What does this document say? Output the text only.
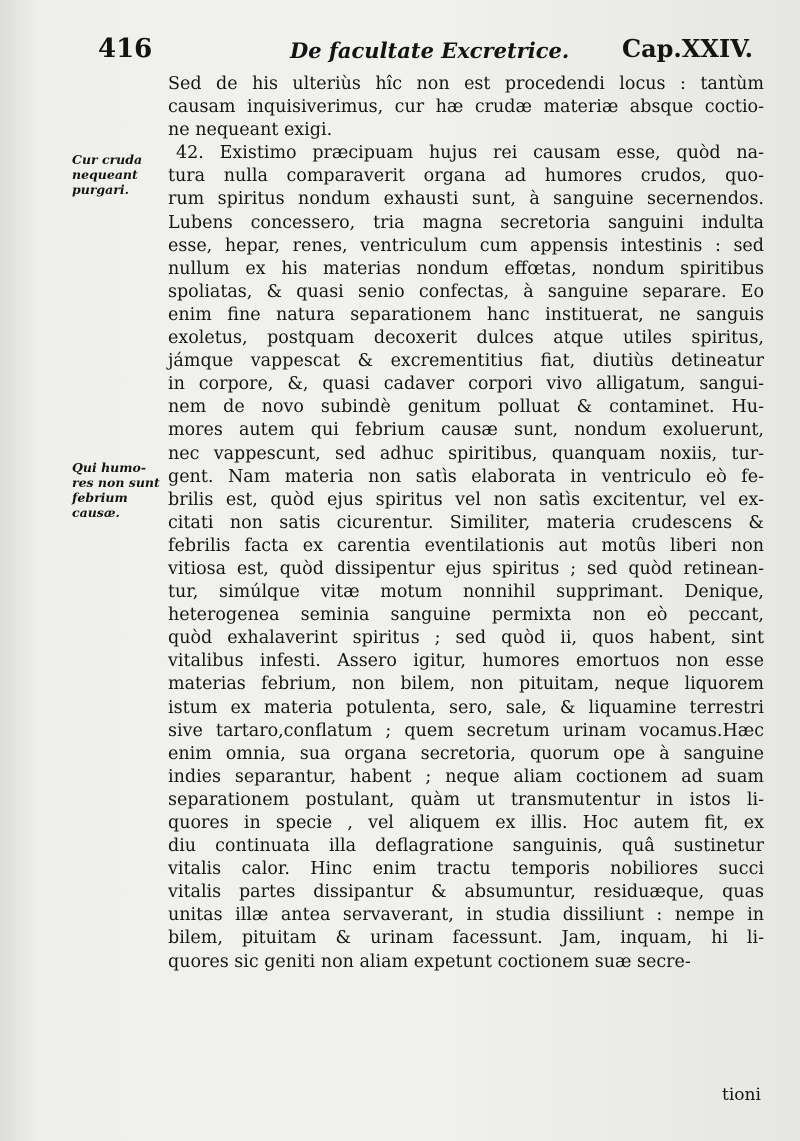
416	De facultate Excretrice. Cap.XXIV.
Cur cruda
nequeant
purgari.
Qui humo-
res non sunt
febrium
causæ.
Sed de his ulteriùs hîc non est procedendi locus : tantùm
causam inquisiverimus, cur hæ crudæ materiæ absque coctio-
ne nequeant exigi.
42. Existimo præcipuam hujus rei causam esse, quòd na-
tura nulla comparaverit organa ad humores crudos, quo-
rum spiritus nondum exhausti sunt, à sanguine secernendos.
Lubens concessero, tria magna secretoria sanguini indulta
esse, hepar, renes, ventriculum cum appensis intestinis : sed
nullum ex his materias nondum effœtas, nondum spiritibus
spoliatas, & quasi senio confectas, à sanguine separare. Eo
enim fine natura separationem hanc instituerat, ne sanguis
exoletus, postquam decoxerit dulces atque utiles spiritus,
jámque vappescat & excrementitius fiat, diutiùs detineatur
in corpore, &, quasi cadaver corpori vivo alligatum, sangui-
nem de novo subindè genitum polluat & contaminet. Hu-
mores autem qui febrium causæ sunt, nondum exoluerunt,
nec vappescunt, sed adhuc spiritibus, quanquam noxiis, tur-
gent. Nam materia non satìs elaborata in ventriculo eò fe-
brilis est, quòd ejus spiritus vel non satìs excitentur, vel ex-
citati non satis cicurentur. Similiter, materia crudescens &
febrilis facta ex carentia eventilationis aut motûs liberi non
vitiosa est, quòd dissipentur ejus spiritus ; sed quòd retinean-
tur, simúlque vitæ motum nonnihil supprimant. Denique,
heterogenea seminia sanguine permixta non eò peccant,
quòd exhalaverint spiritus ; sed quòd ii, quos habent, sint
vitalibus infesti. Assero igitur, humores emortuos non esse
materias febrium, non bilem, non pituitam, neque liquorem
istum ex materia potulenta, sero, sale, & liquamine terrestri
sive tartaro,conflatum ; quem secretum urinam vocamus.Hæc
enim omnia, sua organa secretoria, quorum ope à sanguine
indies separantur, habent ; neque aliam coctionem ad suam
separationem postulant, quàm ut transmutentur in istos li-
quores in specie , vel aliquem ex illis. Hoc autem fit, ex
diu continuata illa deflagratione sanguinis, quâ sustinetur
vitalis calor. Hinc enim tractu temporis nobiliores succi
vitalis partes dissipantur & absumuntur, residuæque, quas
unitas illæ antea servaverant, in studia dissiliunt : nempe in
bilem, pituitam & urinam facessunt. Jam, inquam, hi li-
quores sic geniti non aliam expetunt coctionem suæ secre-
tioni
